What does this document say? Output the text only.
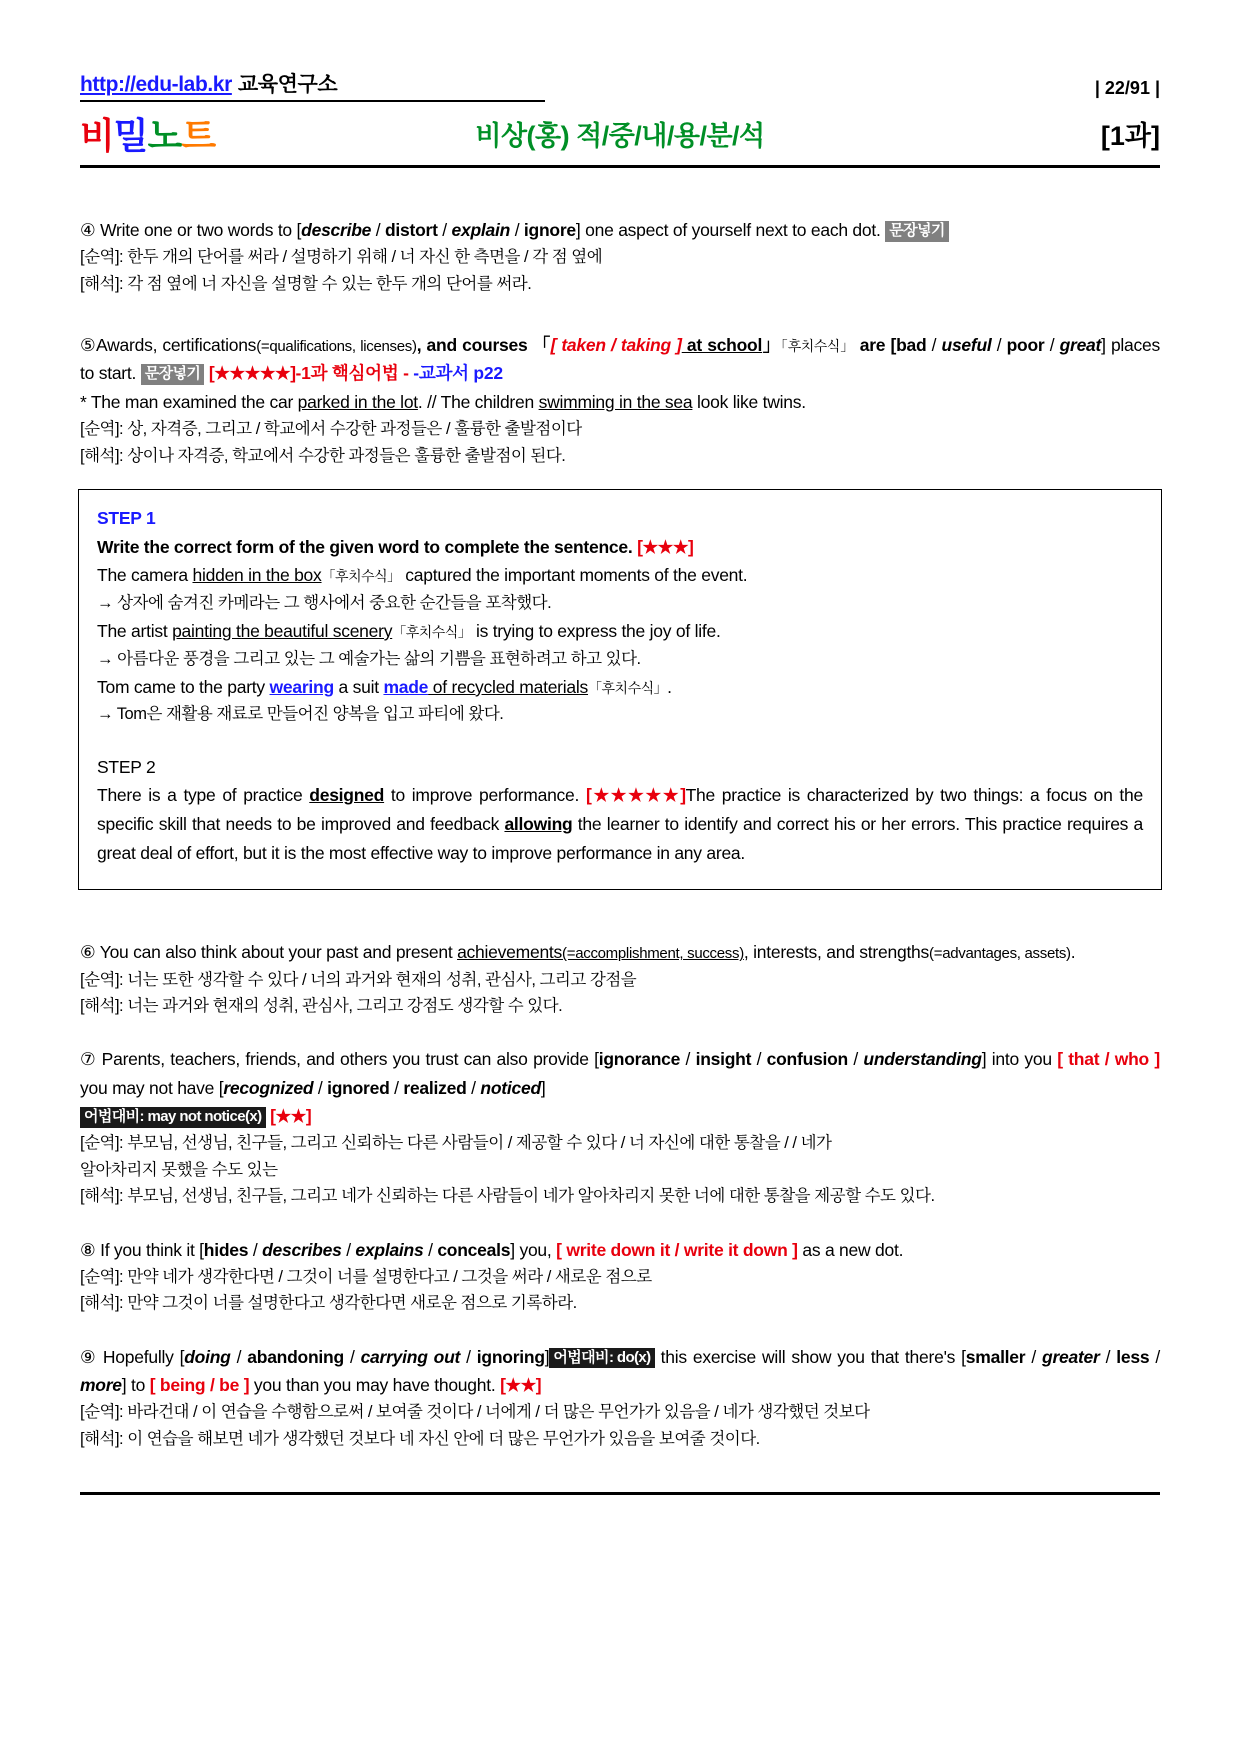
http://edu-lab.kr 교육연구소	| 22/91 |
비밀노트	비상(홍) 적/중/내/용/분/석	[1과]

④ Write one or two words to [describe / distort / explain / ignore] one aspect of yourself next to each dot. 문장넣기

[순역]: 한두 개의 단어를 써라 / 설명하기 위해 / 너 자신 한 측면을 / 각 점 옆에

[해석]: 각 점 옆에 너 자신을 설명할 수 있는 한두 개의 단어를 써라.

⑤Awards, certifications(=qualifications, licenses), and courses 「[ taken / taking ] at school」「후치수식」 are [bad / useful / poor / great] places to start. 문장넣기 [★★★★★]-1과 핵심어법 - -교과서 p22

* The man examined the car parked in the lot. // The children swimming in the sea look like twins.

[순역]: 상, 자격증, 그리고 / 학교에서 수강한 과정들은 / 훌륭한 출발점이다

[해석]: 상이나 자격증, 학교에서 수강한 과정들은 훌륭한 출발점이 된다.

STEP 1
Write the correct form of the given word to complete the sentence. [★★★]
The camera hidden in the box「후치수식」 captured the important moments of the event.
→ 상자에 숨겨진 카메라는 그 행사에서 중요한 순간들을 포착했다.
The artist painting the beautiful scenery「후치수식」 is trying to express the joy of life.
→ 아름다운 풍경을 그리고 있는 그 예술가는 삶의 기쁨을 표현하려고 하고 있다.
Tom came to the party wearing a suit made of recycled materials「후치수식」.
→ Tom은 재활용 재료로 만들어진 양복을 입고 파티에 왔다.
STEP 2
There is a type of practice designed to improve performance. [★★★★★]The practice is characterized by two things: a focus on the specific skill that needs to be improved and feedback allowing the learner to identify and correct his or her errors. This practice requires a great deal of effort, but it is the most effective way to improve performance in any area.

⑥ You can also think about your past and present achievements(=accomplishment, success), interests, and strengths(=advantages, assets).

[순역]: 너는 또한 생각할 수 있다 / 너의 과거와 현재의 성취, 관심사, 그리고 강점을

[해석]: 너는 과거와 현재의 성취, 관심사, 그리고 강점도 생각할 수 있다.

⑦ Parents, teachers, friends, and others you trust can also provide [ignorance / insight / confusion / understanding] into you [ that / who ] you may not have [recognized / ignored / realized / noticed]
어법대비: may not notice(x) [★★]

[순역]: 부모님, 선생님, 친구들, 그리고 신뢰하는 다른 사람들이 / 제공할 수 있다 / 너 자신에 대한 통찰을 / / 네가

알아차리지 못했을 수도 있는

[해석]: 부모님, 선생님, 친구들, 그리고 네가 신뢰하는 다른 사람들이 네가 알아차리지 못한 너에 대한 통찰을 제공할 수도 있다.

⑧ If you think it [hides / describes / explains / conceals] you, [ write down it / write it down ] as a new dot.

[순역]: 만약 네가 생각한다면 / 그것이 너를 설명한다고 / 그것을 써라 / 새로운 점으로

[해석]: 만약 그것이 너를 설명한다고 생각한다면 새로운 점으로 기록하라.

⑨ Hopefully [doing / abandoning / carrying out / ignoring] 어법대비: do(x) this exercise will show you that there's [smaller / greater / less / more] to [ being / be ] you than you may have thought. [★★]

[순역]: 바라건대 / 이 연습을 수행함으로써 / 보여줄 것이다 / 너에게 / 더 많은 무언가가 있음을 / 네가 생각했던 것보다

[해석]: 이 연습을 해보면 네가 생각했던 것보다 네 자신 안에 더 많은 무언가가 있음을 보여줄 것이다.
